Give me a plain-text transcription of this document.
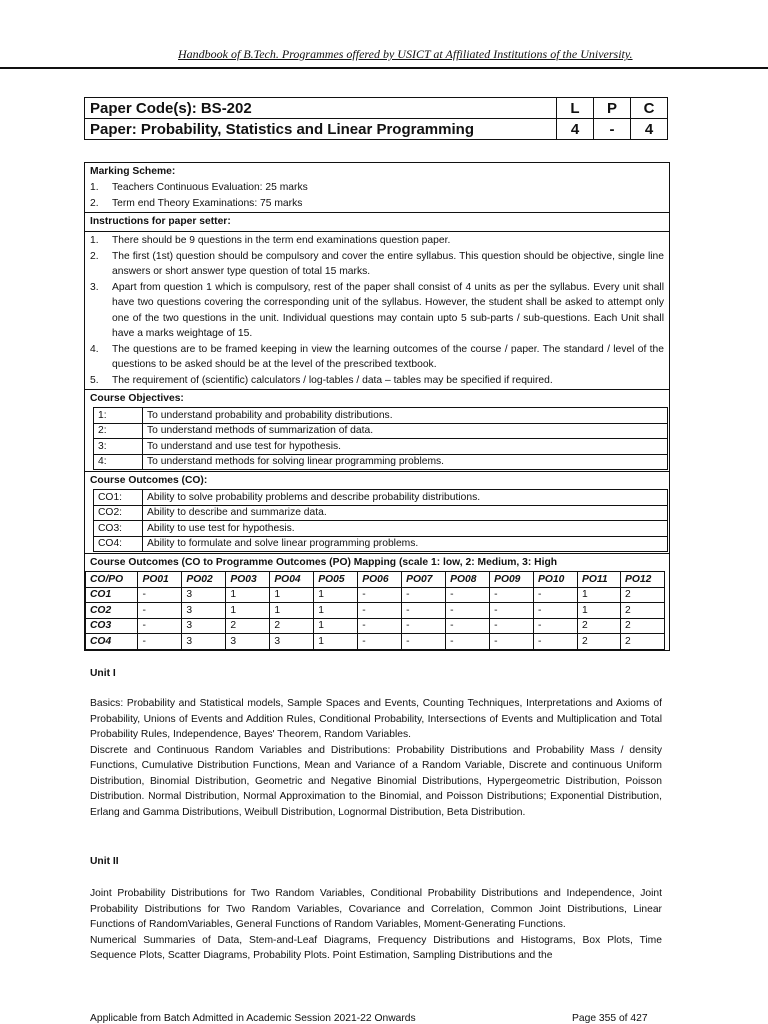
Handbook of B.Tech. Programmes offered by USICT at Affiliated Institutions of the University.
Paper Code(s): BS-202	L	P	C
Paper: Probability, Statistics and Linear Programming	4	-	4
Marking Scheme:
1.	Teachers Continuous Evaluation: 25 marks
2.	Term end Theory Examinations: 75 marks
Instructions for paper setter:
1.	There should be 9 questions in the term end examinations question paper.
2.	The first (1st) question should be compulsory and cover the entire syllabus. This question should be objective, single line answers or short answer type question of total 15 marks.
3.	Apart from question 1 which is compulsory, rest of the paper shall consist of 4 units as per the syllabus. Every unit shall have two questions covering the corresponding unit of the syllabus. However, the student shall be asked to attempt only one of the two questions in the unit. Individual questions may contain upto 5 sub-parts / sub-questions. Each Unit shall have a marks weightage of 15.
4.	The questions are to be framed keeping in view the learning outcomes of the course / paper. The standard / level of the questions to be asked should be at the level of the prescribed textbook.
5.	The requirement of (scientific) calculators / log-tables / data – tables may be specified if required.
Course Objectives:
1:	To understand probability and probability distributions.
2:	To understand methods of summarization of data.
3:	To understand and use test for hypothesis.
4:	To understand methods for solving linear programming problems.
Course Outcomes (CO):
CO1:	Ability to solve probability problems and describe probability distributions.
CO2:	Ability to describe and summarize data.
CO3:	Ability to use test for hypothesis.
CO4:	Ability to formulate and solve linear programming problems.
Course Outcomes (CO to Programme Outcomes (PO) Mapping (scale 1: low, 2: Medium, 3: High
CO/PO	PO01	PO02	PO03	PO04	PO05	PO06	PO07	PO08	PO09	PO10	PO11	PO12
CO1	-	3	1	1	1	-	-	-	-	-	1	2
CO2	-	3	1	1	1	-	-	-	-	-	1	2
CO3	-	3	2	2	1	-	-	-	-	-	2	2
CO4	-	3	3	3	1	-	-	-	-	-	2	2
Unit I
Basics: Probability and Statistical models, Sample Spaces and Events, Counting Techniques, Interpretations and Axioms of Probability, Unions of Events and Addition Rules, Conditional Probability, Intersections of Events and Multiplication and Total Probability Rules, Independence, Bayes' Theorem, Random Variables.
Discrete and Continuous Random Variables and Distributions: Probability Distributions and Probability Mass / density Functions, Cumulative Distribution Functions, Mean and Variance of a Random Variable, Discrete and continuous Uniform Distribution, Binomial Distribution, Geometric and Negative Binomial Distributions, Hypergeometric Distribution, Poisson Distribution. Normal Distribution, Normal Approximation to the Binomial, and Poisson Distributions; Exponential Distribution, Erlang and Gamma Distributions, Weibull Distribution, Lognormal Distribution, Beta Distribution.
Unit II
Joint Probability Distributions for Two Random Variables, Conditional Probability Distributions and Independence, Joint Probability Distributions for Two Random Variables, Covariance and Correlation, Common Joint Distributions, Linear Functions of RandomVariables, General Functions of Random Variables, Moment-Generating Functions.
Numerical Summaries of Data, Stem-and-Leaf Diagrams, Frequency Distributions and Histograms, Box Plots, Time Sequence Plots, Scatter Diagrams, Probability Plots. Point Estimation, Sampling Distributions and the
Applicable from Batch Admitted in Academic Session 2021-22 Onwards	Page 355 of 427
